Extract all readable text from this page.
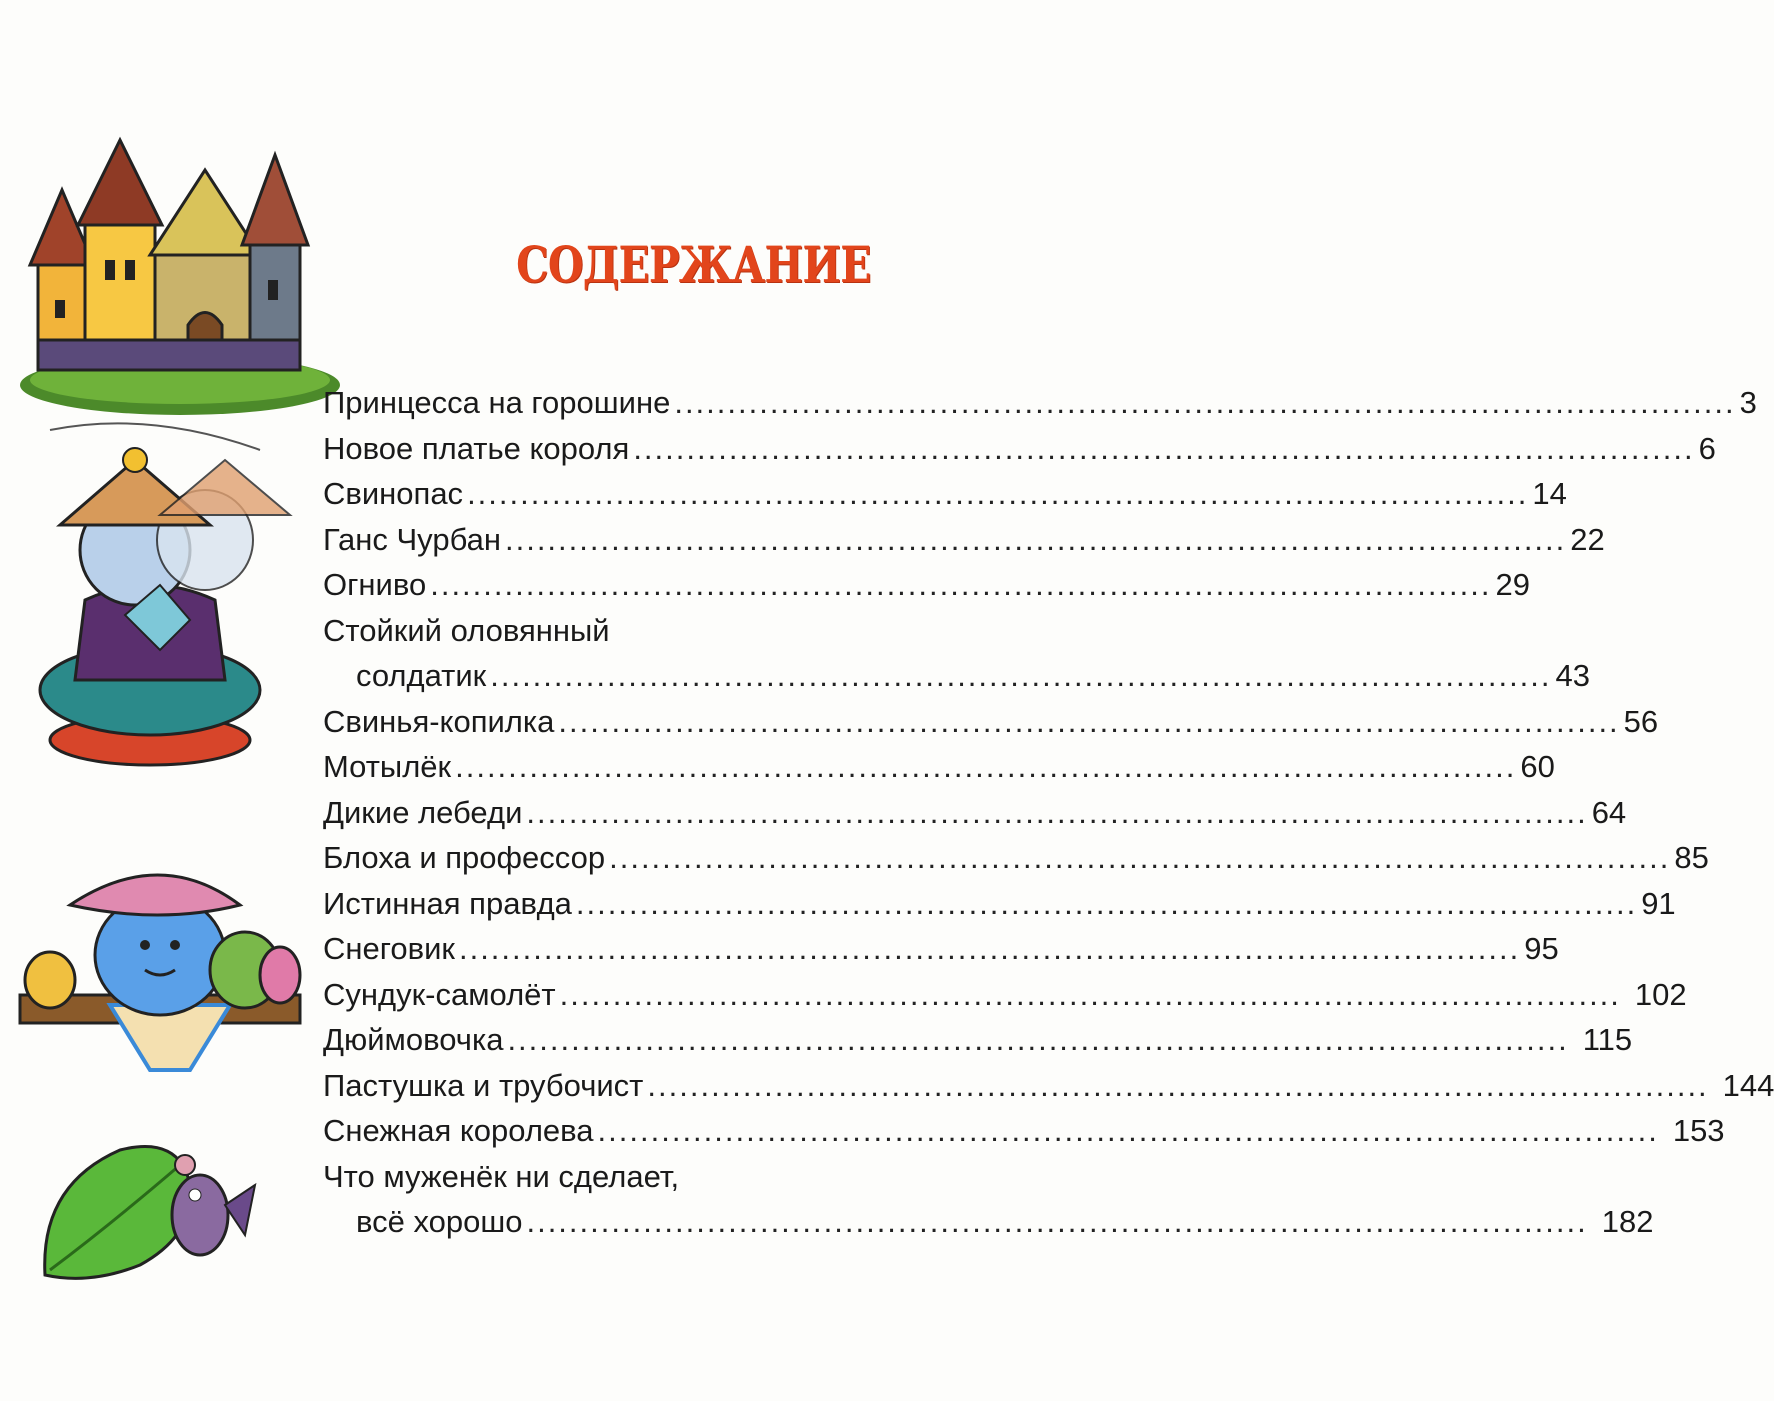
СОДЕРЖАНИЕ
Принцесса на горошине .................................................................................................... 3
Новое платье короля .................................................................................................... 6
Свинопас .................................................................................................... 14
Ганс Чурбан .................................................................................................... 22
Огниво .................................................................................................... 29
Стойкий оловянный
солдатик .................................................................................................... 43
Свинья-копилка .................................................................................................... 56
Мотылёк .................................................................................................... 60
Дикие лебеди .................................................................................................... 64
Блоха и профессор .................................................................................................... 85
Истинная правда .................................................................................................... 91
Снеговик .................................................................................................... 95
Сундук-самолёт .................................................................................................... 102
Дюймовочка .................................................................................................... 115
Пастушка и трубочист .................................................................................................... 144
Снежная королева .................................................................................................... 153
Что муженёк ни сделает,
всё хорошо .................................................................................................... 182
